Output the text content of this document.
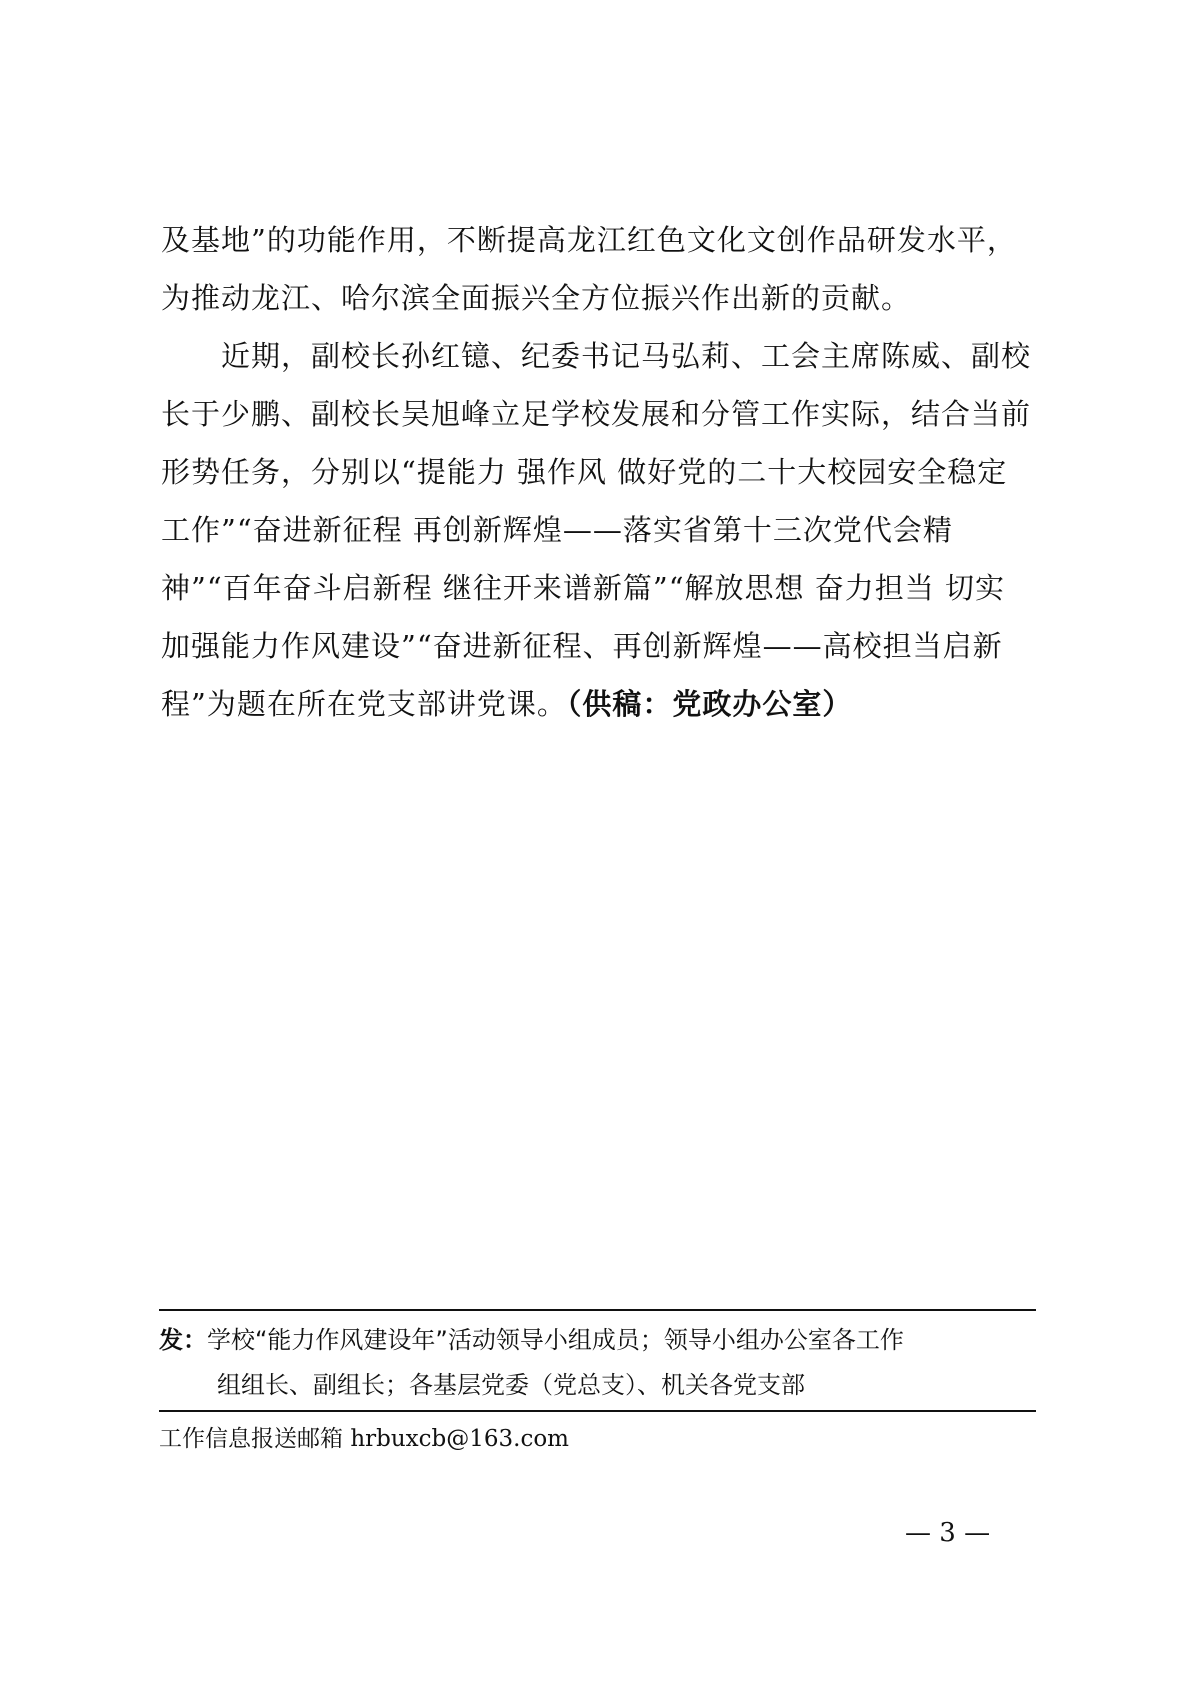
及基地”的功能作用，不断提高龙江红色文化文创作品研发水平，为推动龙江、哈尔滨全面振兴全方位振兴作出新的贡献。

近期，副校长孙红镱、纪委书记马弘莉、工会主席陈威、副校长于少鹏、副校长吴旭峰立足学校发展和分管工作实际，结合当前形势任务，分别以“提能力 强作风 做好党的二十大校园安全稳定工作”“奋进新征程 再创新辉煌——落实省第十三次党代会精神”“百年奋斗启新程 继往开来谱新篇”“解放思想 奋力担当 切实加强能力作风建设”“奋进新征程、再创新辉煌——高校担当启新程”为题在所在党支部讲党课。（供稿：党政办公室）

发：学校“能力作风建设年”活动领导小组成员；领导小组办公室各工作
组组长、副组长；各基层党委（党总支）、机关各党支部

工作信息报送邮箱 hrbuxcb@163.com

— 3 —
